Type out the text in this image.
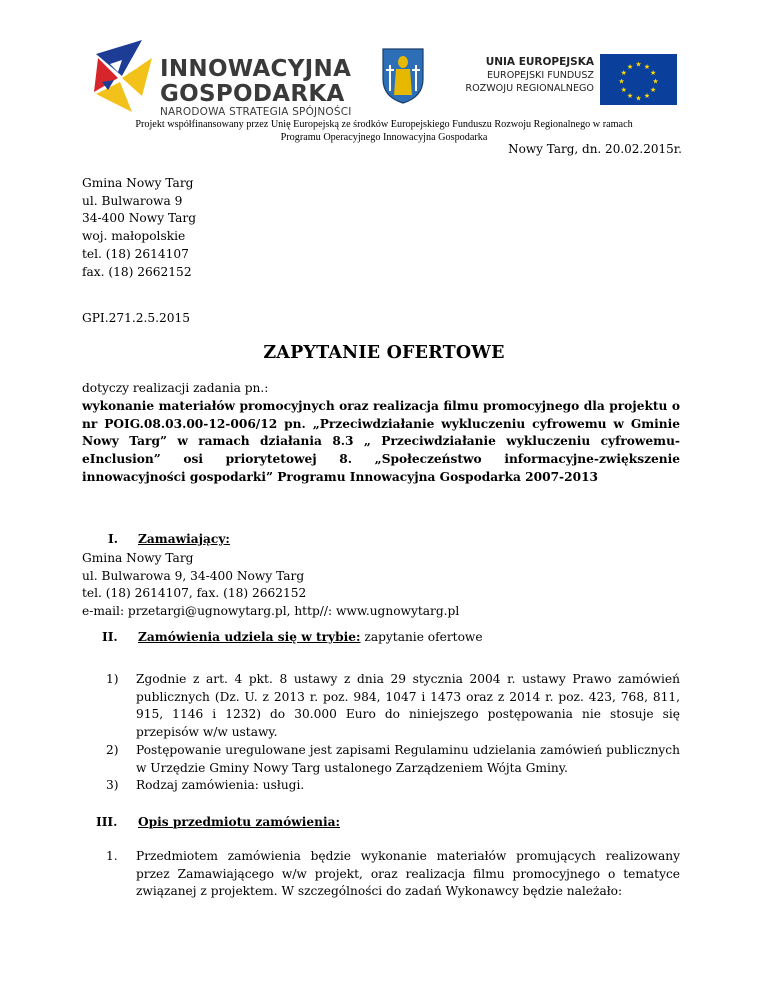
INNOWACYJNA
GOSPODARKA
NARODOWA STRATEGIA SPÓJNOŚCI
UNIA EUROPEJSKA
EUROPEJSKI FUNDUSZ
ROZWOJU REGIONALNEGO
★ ★
★
★
★
★
★
★
★
★
★
★
Projekt współfinansowany przez Unię Europejską ze środków Europejskiego Funduszu Rozwoju Regionalnego w ramach
Programu Operacyjnego Innowacyjna Gospodarka
Nowy Targ, dn. 20.02.2015r.
Gmina Nowy Targ
ul. Bulwarowa 9
34-400 Nowy Targ
woj. małopolskie
tel. (18) 2614107
fax. (18) 2662152
GPI.271.2.5.2015
ZAPYTANIE OFERTOWE
dotyczy realizacji zadania pn.:
wykonanie materiałów promocyjnych oraz realizacja filmu promocyjnego dla projektu o nr POIG.08.03.00-12-006/12 pn. „Przeciwdziałanie wykluczeniu cyfrowemu w Gminie Nowy Targ” w ramach działania 8.3 „ Przeciwdziałanie wykluczeniu cyfrowemu-eInclusion” osi priorytetowej 8. „Społeczeństwo informacyjne-zwiększenie innowacyjności gospodarki” Programu Innowacyjna Gospodarka 2007-2013
I. Zamawiający:
Gmina Nowy Targ
ul. Bulwarowa 9, 34-400 Nowy Targ
tel. (18) 2614107, fax. (18) 2662152
e-mail: przetargi@ugnowytarg.pl, http//: www.ugnowytarg.pl
II. Zamówienia udziela się w trybie: zapytanie ofertowe
1) Zgodnie z art. 4 pkt. 8 ustawy z dnia 29 stycznia 2004 r. ustawy Prawo zamówień publicznych (Dz. U. z 2013 r. poz. 984, 1047 i 1473 oraz z 2014 r. poz. 423, 768, 811, 915, 1146 i 1232) do 30.000 Euro do niniejszego postępowania nie stosuje się przepisów w/w ustawy.
2) Postępowanie uregulowane jest zapisami Regulaminu udzielania zamówień publicznych w Urzędzie Gminy Nowy Targ ustalonego Zarządzeniem Wójta Gminy.
3) Rodzaj zamówienia: usługi.
III. Opis przedmiotu zamówienia:
1. Przedmiotem zamówienia będzie wykonanie materiałów promujących realizowany przez Zamawiającego w/w projekt, oraz realizacja filmu promocyjnego o tematyce związanej z projektem. W szczególności do zadań Wykonawcy będzie należało:
